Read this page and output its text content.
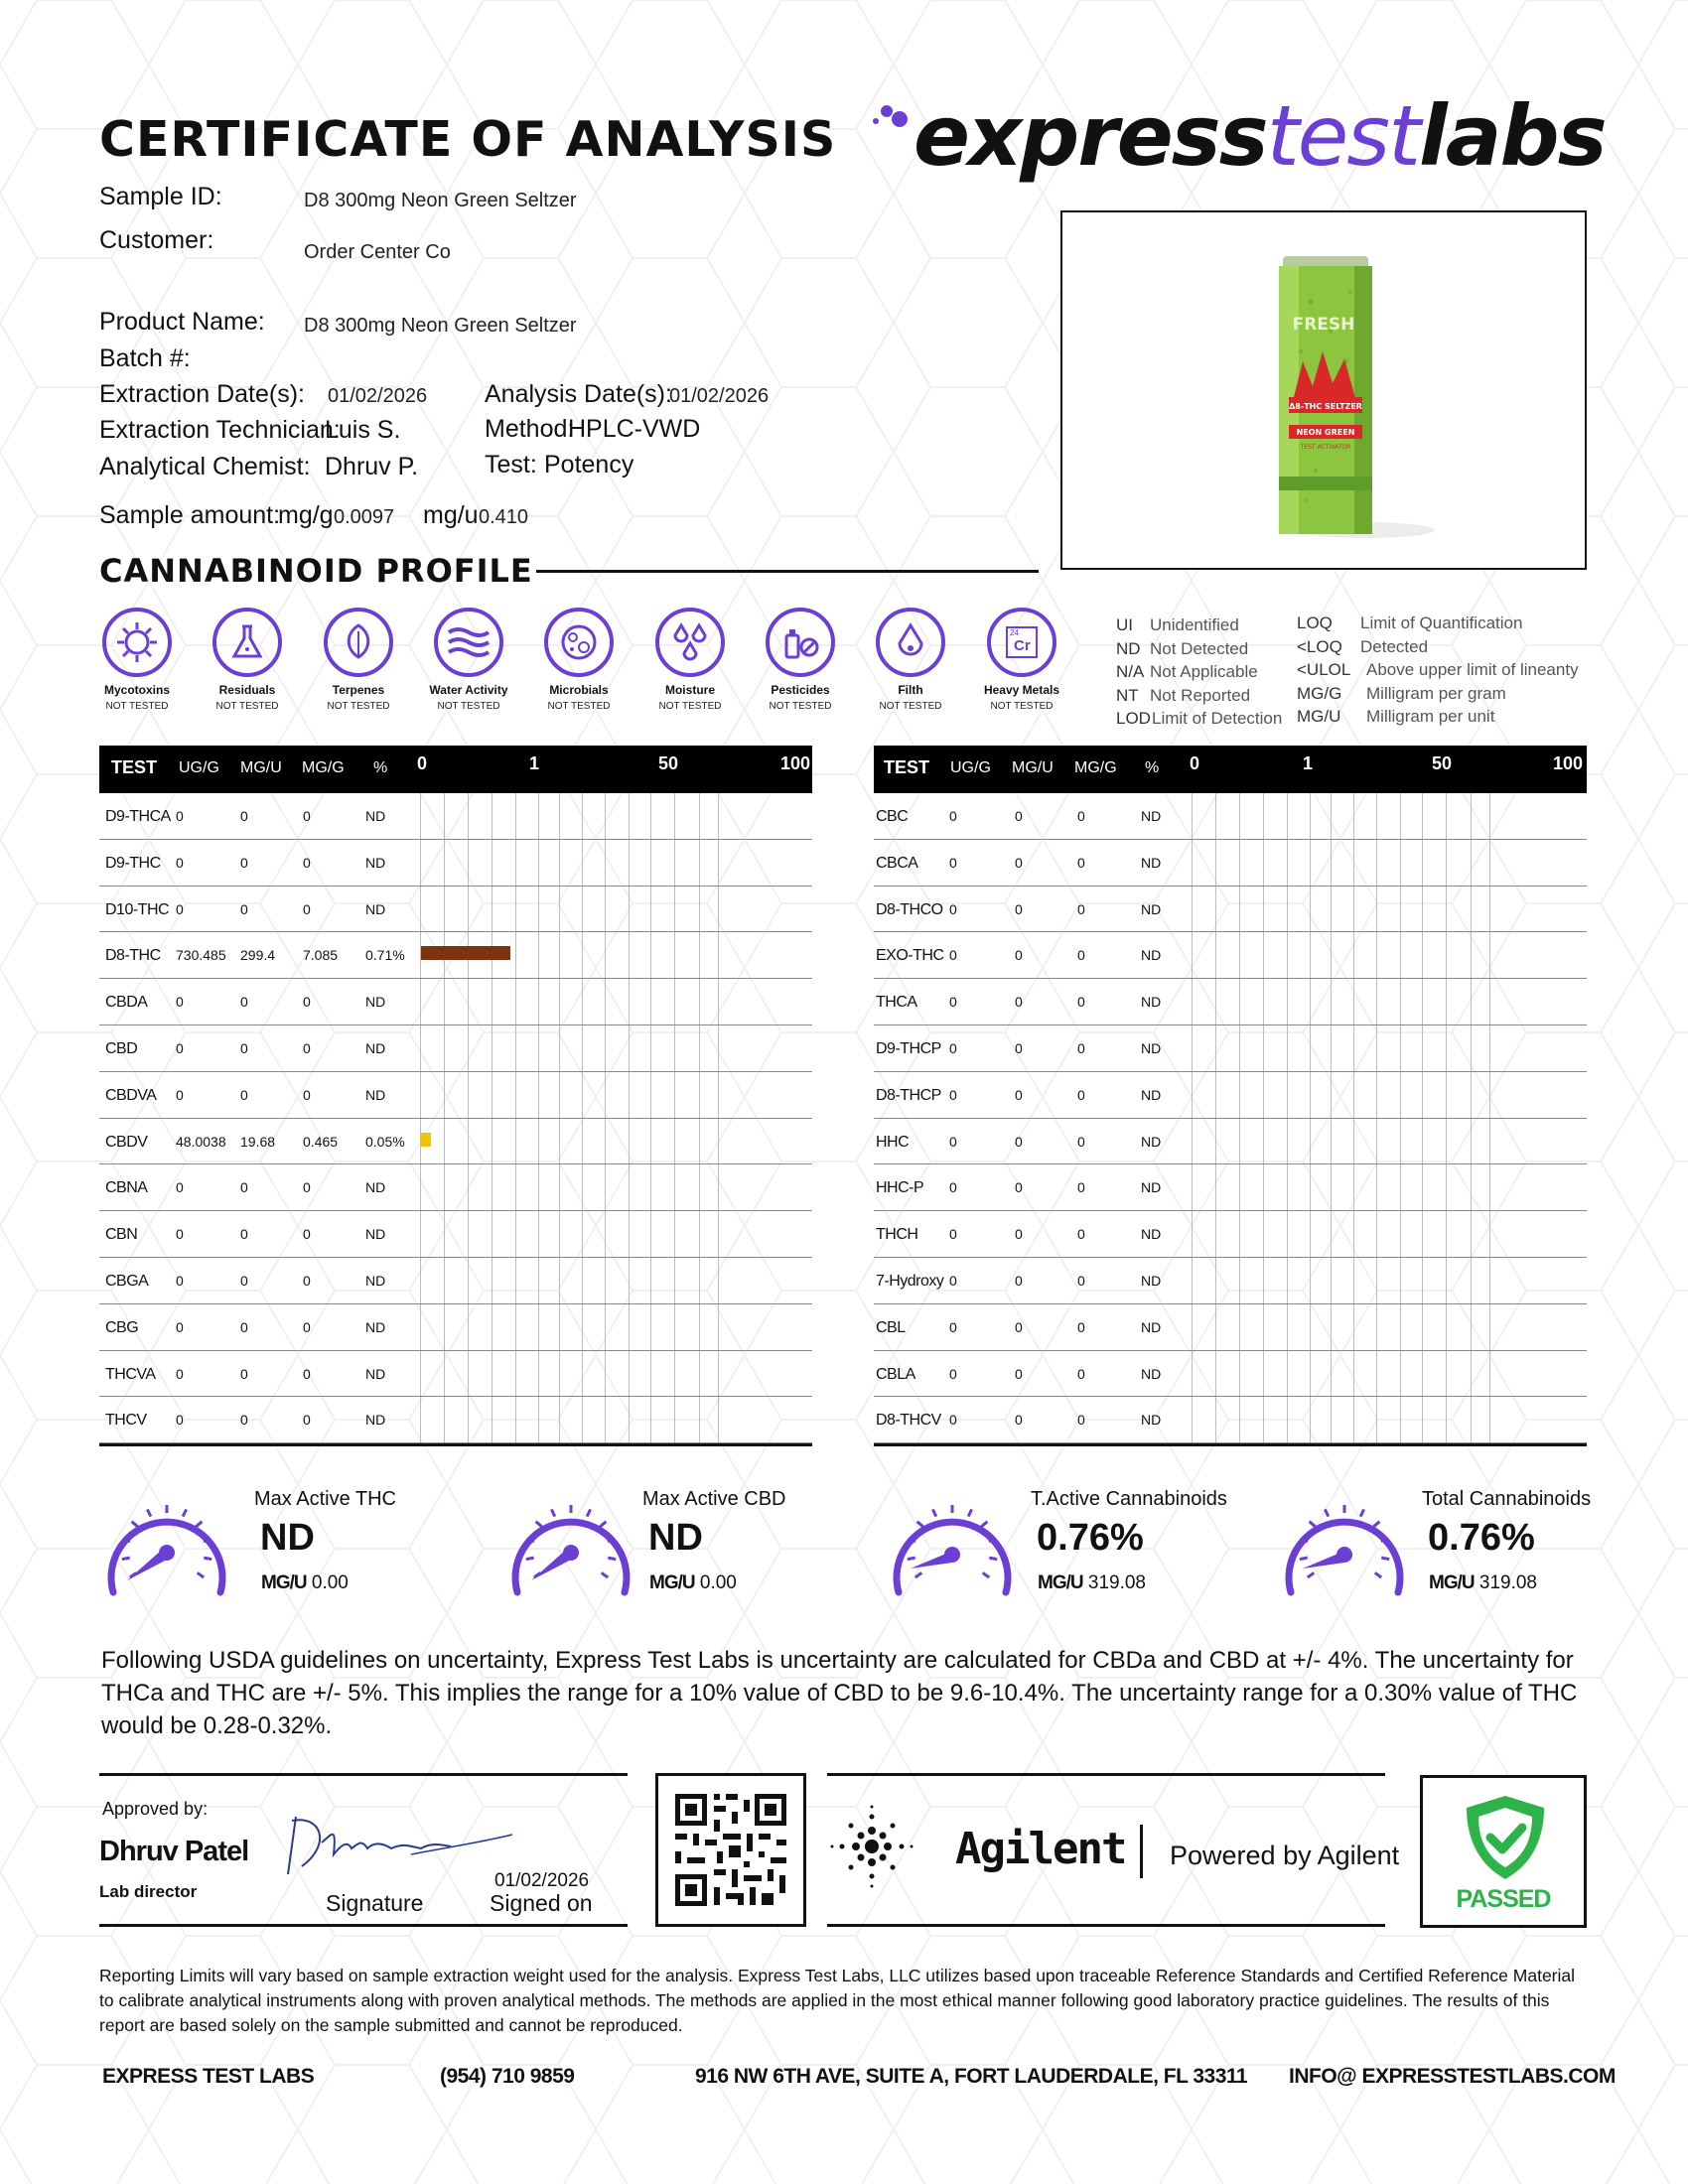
CERTIFICATE OF ANALYSIS expresstestlabs
Sample ID:	D8 300mg Neon Green Seltzer
Customer:	Order Center Co
Product Name: D8 300mg Neon Green Seltzer
Batch #:
Extraction Date(s): 01/02/2026 Analysis Date(s):
01/02/2026
Extraction Technician:
Luis S.	Method:
HPLC-VWD
Analytical Chemist: Dhruv P.	Test: Potency
Sample amount:
mg/g 0.0097 mg/u 0.410
FRESH
Δ8-THC SELTZER
NEON GREEN
TEST ACTIVATOR
CANNABINOID PROFILE
Mycotoxins
NOT TESTED
Residuals
NOT TESTED
Terpenes
NOT TESTED
Water Activity
NOT TESTED
Microbials
NOT TESTED
Moisture
NOT TESTED
Pesticides
NOT TESTED
Filth
NOT TESTED
24
Cr
Heavy Metals
NOT TESTED
UI Unidentified
ND Not Detected
N/A Not Applicable
NT Not Reported
LODLimit of Detection
LOQ Limit of Quantification
<LOQ Detected
<ULOL Above upper limit of lineanty
MG/G Milligram per gram
MG/U Milligram per unit
TEST UG/G MG/U MG/G % 0	1	50	100
D9-THCA 0	0	0	ND
D9-THC 0	0	0	ND
D10-THC 0	0	0	ND
D8-THC 730.485 299.4 7.085 0.71%
CBDA 0	0	0	ND
CBD	0	0	0	ND
CBDVA 0	0	0	ND
CBDV 48.0038 19.68 0.465 0.05%
CBNA 0	0	0	ND
CBN	0	0	0	ND
CBGA 0	0	0	ND
CBG	0	0	0	ND
THCVA 0	0	0	ND
THCV 0	0	0	ND
TEST UG/G MG/U MG/G % 0	1	50	100
CBC	0	0	0	ND
CBCA 0	0	0	ND
D8-THCO 0	0	0	ND
EXO-THC 0	0	0	ND
THCA 0	0	0	ND
D9-THCP 0	0	0	ND
D8-THCP 0	0	0	ND
HHC	0	0	0	ND
HHC-P 0	0	0	ND
THCH 0	0	0	ND
7-Hydroxy 0	0	0	ND
CBL	0	0	0	ND
CBLA 0	0	0	ND
D8-THCV 0	0	0	ND
Max Active THC
ND
MG/U 0.00
Max Active CBD
ND
MG/U 0.00
T.Active Cannabinoids
0.76%
MG/U 319.08
Total Cannabinoids
0.76%
MG/U 319.08
Following USDA guidelines on uncertainty, Express Test Labs is uncertainty are calculated for CBDa and CBD at +/- 4%. The uncertainty for THCa and THC are +/- 5%. This implies the range for a 10% value of CBD to be 9.6-10.4%. The uncertainty range for a 0.30% value of THC would be 0.28-0.32%.
Approved by:
Dhruv Patel
Lab director	Signature
01/02/2026
Signed on
Agilent Powered by Agilent
PASSED
Reporting Limits will vary based on sample extraction weight used for the analysis. Express Test Labs, LLC utilizes based upon traceable Reference Standards and Certified Reference Material to calibrate analytical instruments along with proven analytical methods. The methods are applied in the most ethical manner following good laboratory practice guidelines. The results of this report are based solely on the sample submitted and cannot be reproduced.
EXPRESS TEST LABS	(954) 710 9859	916 NW 6TH AVE, SUITE A, FORT LAUDERDALE, FL 33311 INFO@ EXPRESSTESTLABS.COM
